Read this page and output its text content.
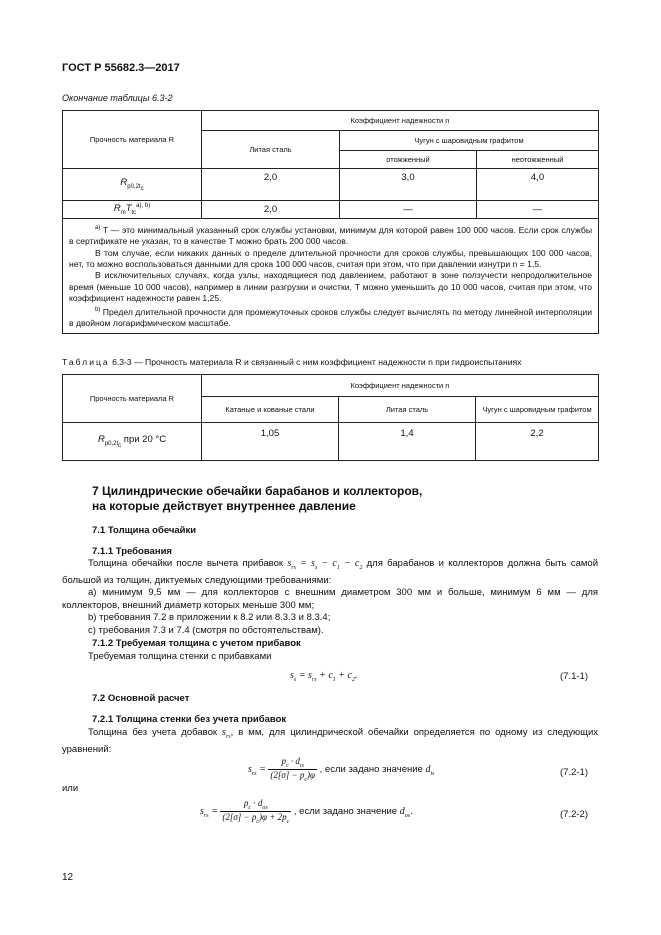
ГОСТ Р 55682.3—2017
Окончание таблицы 6.3-2
Прочность материала R	Коэффициент надежности n		
	Литая сталь	Чугун с шаровидным графитом	
		отожженный	неотожженный
$R_{p0,2t_c}$	2,0	3,0	4,0
$R_mT_{tc}^{a), b)}$	2,0	—	—

$^{a)}$ T — это минимальный указанный срок службы установки, минимум для которой равен 100 000 часов. Если срок службы в сертификате не указан, то в качестве T можно брать 200 000 часов.

В том случае, если никаких данных о пределе длительной прочности для сроков службы, превышающих 100 000 часов, нет, то можно воспользоваться данными для срока 100 000 часов, считая при этом, что при давлении изнутри n = 1,5.

В исключительных случаях, когда узлы, находящиеся под давлением, работают в зоне ползучести непродолжительное время (меньше 10 000 часов), например в линии разгрузки и очистки, T можно уменьшить до 10 000 часов, считая при этом, что коэффициент надежности равен 1,25.

$^{b)}$ Предел длительной прочности для промежуточных сроков службы следует вычислять по методу линейной интерполяции в двойном логарифмическом масштабе.			

Таблица 6.3-3 — Прочность материала R и связанный с ним коэффициент надежности n при гидроиспытаниях
Прочность материала R	Коэффициент надежности n		
	Катаные и кованые стали	Литая сталь	Чугун с шаровидным графитом
$R_{p0,2t_c}$ при 20 °С	1,05	1,4	2,2
7 Цилиндрические обечайки барабанов и коллекторов,
на которые действует внутреннее давление
7.1 Толщина обечайки
7.1.1 Требования

Толщина обечайки после вычета прибавок $s_{rs} = s_s - c_1 - c_2$ для барабанов и коллекторов должна быть самой большой из толщин, диктуемых следующими требованиями:

а) минимум 9,5 мм — для коллекторов с внешним диаметром 300 мм и больше, минимум 6 мм — для коллекторов, внешний диаметр которых меньше 300 мм;

b) требования 7.2 в приложении к 8.2 или 8.3.3 и 8.3.4;

с) требования 7.3 и 7.4 (смотря по обстоятельствам).

7.1.2 Требуемая толщина с учетом прибавок

Требуемая толщина стенки с прибавками

$s_s = s_{rs} + c_1 + c_2$.	(7.1-1)
7.2 Основной расчет
7.2.1 Толщина стенки без учета прибавок

Толщина без учета добавок $s_{rs}$, в мм, для цилиндрической обечайки определяется по одному из следующих уравнений:

$s_{rs} = \frac{p_c \cdot d_{is}}{(2[\sigma] - p_c)\varphi}$ , если задано значение $d_{is}$	(7.2-1)
или
$s_{rs} = \frac{p_c \cdot d_{os}}{(2[\sigma] - p_c)\varphi + 2p_c}$ , если задано значение $d_{os}$.	(7.2-2)
12
